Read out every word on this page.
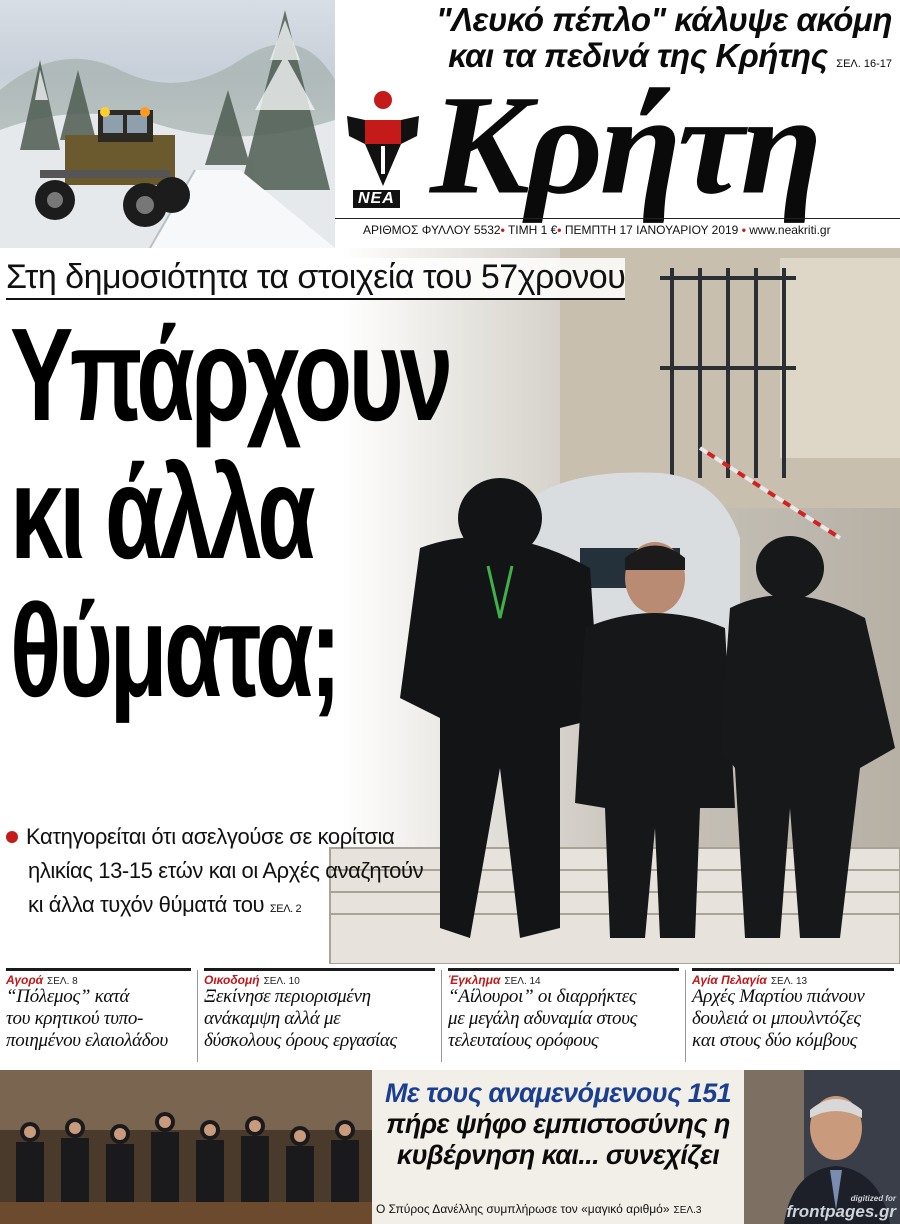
"Λευκό πέπλο" κάλυψε ακόμη
και τα πεδινά της Κρήτης ΣΕΛ. 16-17
ΝΕΑ Κρήτη
ΑΡΙΘΜΟΣ ΦΥΛΛΟΥ 5532• ΤΙΜΗ 1 €• ΠΕΜΠΤΗ 17 ΙΑΝΟΥΑΡΙΟΥ 2019 • www.neakriti.gr
Στη δημοσιότητα τα στοιχεία του 57χρονου
Υπάρχουν
κι άλλα
θύματα;
Κατηγορείται ότι ασελγούσε σε κορίτσια
ηλικίας 13-15 ετών και οι Αρχές αναζητούν
κι άλλα τυχόν θύματά του ΣΕΛ. 2
Αγορά ΣΕΛ. 8
“Πόλεμος” κατά
του κρητικού τυπο-
ποιημένου ελαιολάδου
Οικοδομή ΣΕΛ. 10
Ξεκίνησε περιορισμένη
ανάκαμψη αλλά με
δύσκολους όρους εργασίας
Έγκλημα ΣΕΛ. 14
“Αίλουροι” οι διαρρήκτες
με μεγάλη αδυναμία στους
τελευταίους ορόφους
Αγία Πελαγία ΣΕΛ. 13
Αρχές Μαρτίου πιάνουν
δουλειά οι μπουλντόζες
και στους δύο κόμβους
Με τους αναμενόμενους 151
πήρε ψήφο εμπιστοσύνης η
κυβέρνηση και... συνεχίζει
Ο Σπύρος Δανέλλης συμπλήρωσε τον «μαγικό αριθμό» ΣΕΛ.3
digitized for
frontpages.gr
